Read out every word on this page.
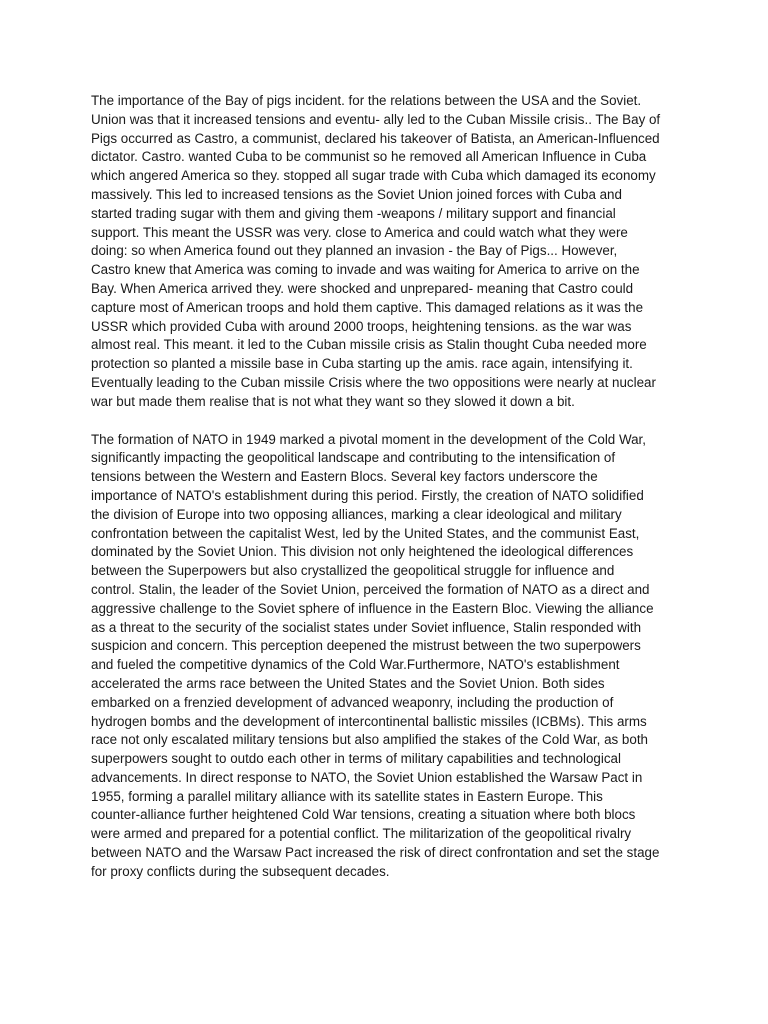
The importance of the Bay of pigs incident. for the relations between the USA and the Soviet.
Union was that it increased tensions and eventu- ally led to the Cuban Missile crisis.. The Bay of
Pigs occurred as Castro, a communist, declared his takeover of Batista, an American-Influenced
dictator. Castro. wanted Cuba to be communist so he removed all American Influence in Cuba
which angered America so they. stopped all sugar trade with Cuba which damaged its economy
massively. This led to increased tensions as the Soviet Union joined forces with Cuba and
started trading sugar with them and giving them -weapons / military support and financial
support. This meant the USSR was very. close to America and could watch what they were
doing: so when America found out they planned an invasion - the Bay of Pigs... However,
Castro knew that America was coming to invade and was waiting for America to arrive on the
Bay. When America arrived they. were shocked and unprepared- meaning that Castro could
capture most of American troops and hold them captive. This damaged relations as it was the
USSR which provided Cuba with around 2000 troops, heightening tensions. as the war was
almost real. This meant. it led to the Cuban missile crisis as Stalin thought Cuba needed more
protection so planted a missile base in Cuba starting up the amis. race again, intensifying it.
Eventually leading to the Cuban missile Crisis where the two oppositions were nearly at nuclear
war but made them realise that is not what they want so they slowed it down a bit.

The formation of NATO in 1949 marked a pivotal moment in the development of the Cold War,
significantly impacting the geopolitical landscape and contributing to the intensification of
tensions between the Western and Eastern Blocs. Several key factors underscore the
importance of NATO's establishment during this period. Firstly, the creation of NATO solidified
the division of Europe into two opposing alliances, marking a clear ideological and military
confrontation between the capitalist West, led by the United States, and the communist East,
dominated by the Soviet Union. This division not only heightened the ideological differences
between the Superpowers but also crystallized the geopolitical struggle for influence and
control. Stalin, the leader of the Soviet Union, perceived the formation of NATO as a direct and
aggressive challenge to the Soviet sphere of influence in the Eastern Bloc. Viewing the alliance
as a threat to the security of the socialist states under Soviet influence, Stalin responded with
suspicion and concern. This perception deepened the mistrust between the two superpowers
and fueled the competitive dynamics of the Cold War.Furthermore, NATO's establishment
accelerated the arms race between the United States and the Soviet Union. Both sides
embarked on a frenzied development of advanced weaponry, including the production of
hydrogen bombs and the development of intercontinental ballistic missiles (ICBMs). This arms
race not only escalated military tensions but also amplified the stakes of the Cold War, as both
superpowers sought to outdo each other in terms of military capabilities and technological
advancements. In direct response to NATO, the Soviet Union established the Warsaw Pact in
1955, forming a parallel military alliance with its satellite states in Eastern Europe. This
counter-alliance further heightened Cold War tensions, creating a situation where both blocs
were armed and prepared for a potential conflict. The militarization of the geopolitical rivalry
between NATO and the Warsaw Pact increased the risk of direct confrontation and set the stage
for proxy conflicts during the subsequent decades.
